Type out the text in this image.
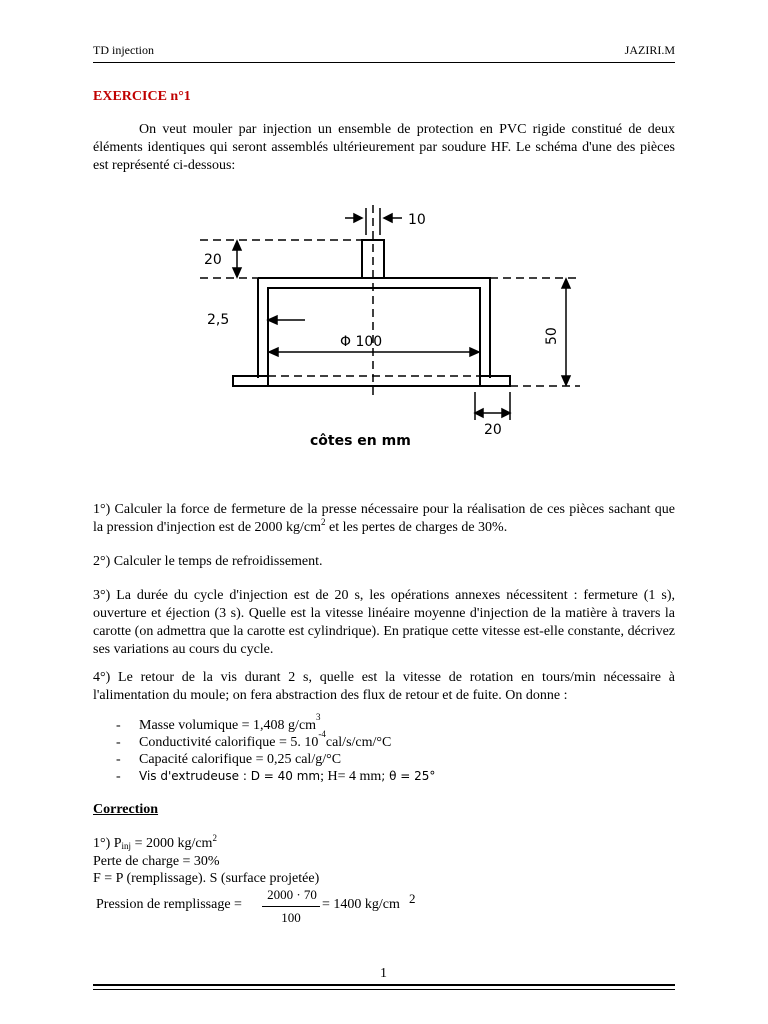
TD injection	JAZIRI.M
EXERCICE n°1
On veut mouler par injection un ensemble de protection en PVC rigide constitué de deux éléments identiques qui seront assemblés ultérieurement par soudure HF. Le schéma d'une des pièces est représenté ci-dessous:
10
20
2,5
Φ 100	50
20
côtes en mm
1°) Calculer la force de fermeture de la presse nécessaire pour la réalisation de ces pièces sachant que la pression d'injection est de 2000 $kg/cm^2$ et les pertes de charges de 30%.
2°) Calculer le temps de refroidissement.
3°) La durée du cycle d'injection est de 20 s, les opérations annexes nécessitent : fermeture (1 s), ouverture et éjection (3 s). Quelle est la vitesse linéaire moyenne d'injection de la matière à travers la carotte (on admettra que la carotte est cylindrique). En pratique cette vitesse est-elle constante, décrivez ses variations au cours du cycle.
4°) Le retour de la vis durant 2 s, quelle est la vitesse de rotation en tours/min nécessaire à l'alimentation du moule; on fera abstraction des flux de retour et de fuite. On donne :
-	Masse volumique = 1,408 g/cm
3
-	Conductivité calorifique = 5. 10
-4
cal/s/cm/°C
-	Capacité calorifique = 0,25 cal/g/°C
-	Vis d'extrudeuse : D = 40 mm ; H= 4 mm ; θ = 25°
Correction
1°) $P_{inj} = 2000$ $kg/cm^2$
Perte de charge = 30%
F = P (remplissage). S (surface projetée)
Pression de remplissage =
2000 · 70
100
= 1400 kg/cm 2
1
